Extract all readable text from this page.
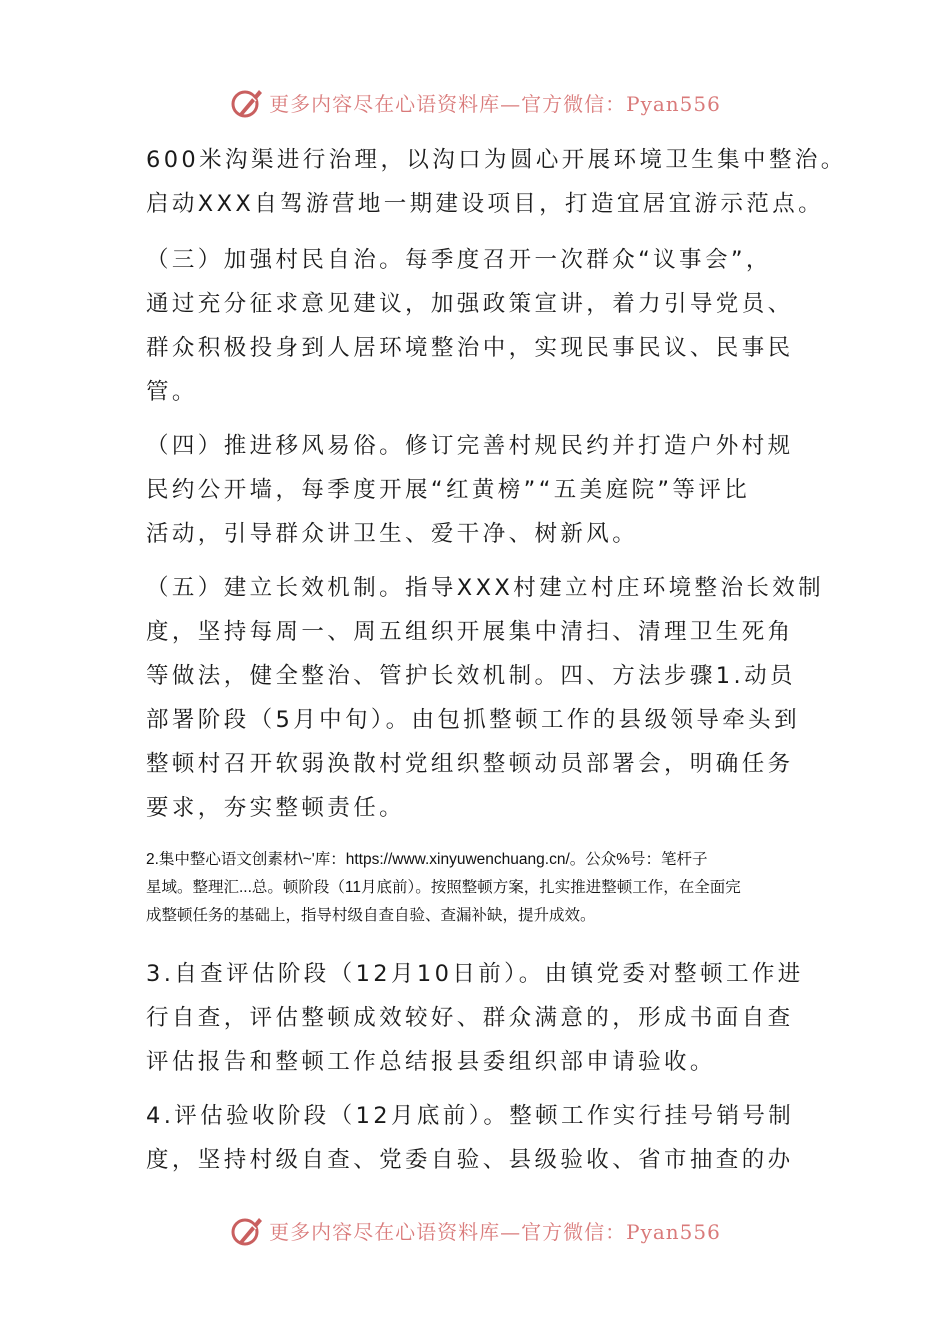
更多内容尽在心语资料库—官方微信：Pyan556

600米沟渠进行治理，以沟口为圆心开展环境卫生集中整治。
启动XXX自驾游营地一期建设项目，打造宜居宜游示范点。

（三）加强村民自治。每季度召开一次群众“议事会”，
通过充分征求意见建议，加强政策宣讲，着力引导党员、
群众积极投身到人居环境整治中，实现民事民议、民事民
管。

（四）推进移风易俗。修订完善村规民约并打造户外村规
民约公开墙，每季度开展“红黄榜”“五美庭院”等评比
活动，引导群众讲卫生、爱干净、树新风。

（五）建立长效机制。指导XXX村建立村庄环境整治长效制
度，坚持每周一、周五组织开展集中清扫、清理卫生死角
等做法，健全整治、管护长效机制。四、方法步骤1.动员
部署阶段（5月中旬）。由包抓整顿工作的县级领导牵头到
整顿村召开软弱涣散村党组织整顿动员部署会，明确任务
要求，夯实整顿责任。

2.集中整心语文创素材\~'库：https://www.xinyuwenchuang.cn/。公众%号：笔杆子
星域。整理汇...总。顿阶段（11月底前）。按照整顿方案，扎实推进整顿工作，在全面完
成整顿任务的基础上，指导村级自查自验、查漏补缺，提升成效。

3.自查评估阶段（12月10日前）。由镇党委对整顿工作进
行自查，评估整顿成效较好、群众满意的，形成书面自查
评估报告和整顿工作总结报县委组织部申请验收。

4.评估验收阶段（12月底前）。整顿工作实行挂号销号制
度，坚持村级自查、党委自验、县级验收、省市抽查的办

更多内容尽在心语资料库—官方微信：Pyan556
